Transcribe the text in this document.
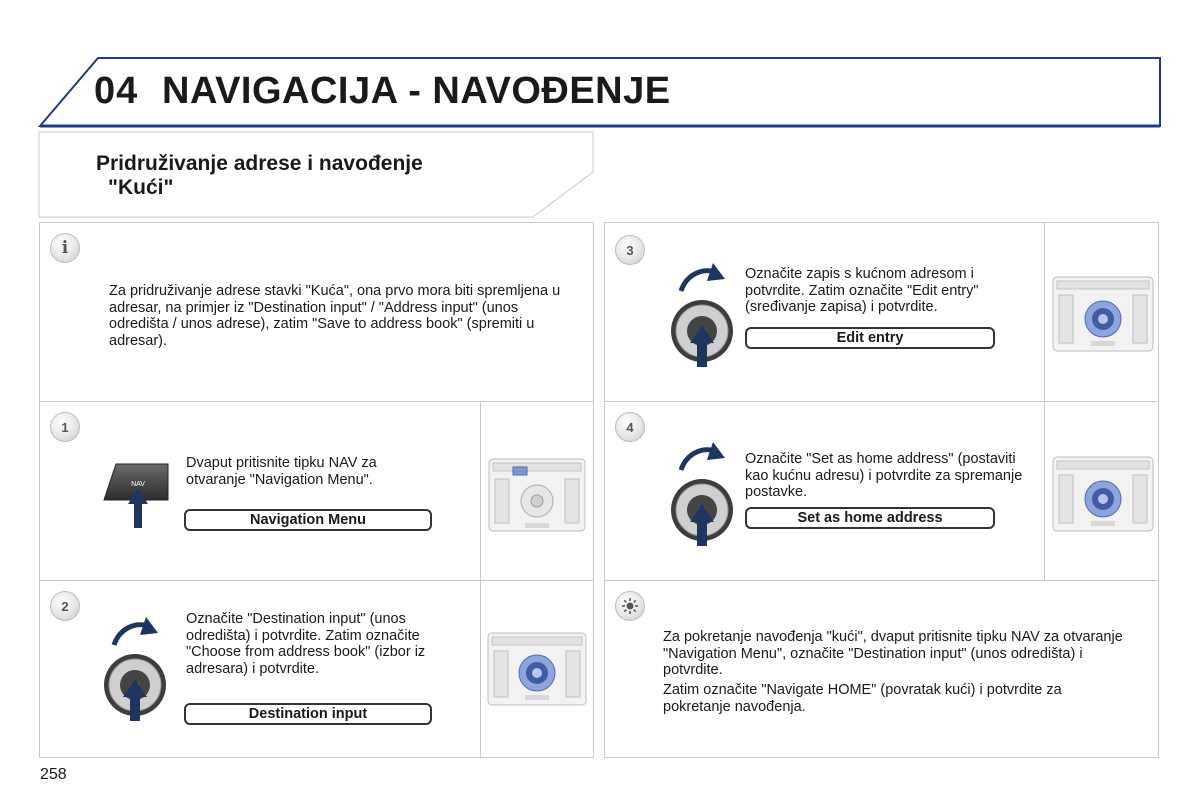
04 NAVIGACIJA - NAVOĐENJE
Pridruživanje adrese i navođenje
"Kući"
i
Za pridruživanje adrese stavki "Kuća", ona prvo mora biti spremljena u adresar, na primjer iz "Destination input" / "Address input" (unos odredišta / unos adrese), zatim "Save to address book" (spremiti u adresar).
1
NAV
Dvaput pritisnite tipku NAV za otvaranje "Navigation Menu".
Navigation Menu
2
Označite "Destination input" (unos odredišta) i potvrdite. Zatim označite "Choose from address book" (izbor iz adresara) i potvrdite.
Destination input
3
Označite zapis s kućnom adresom i potvrdite. Zatim označite "Edit entry" (sređivanje zapisa) i potvrdite.
Edit entry
4
Označite "Set as home address" (postaviti kao kućnu adresu) i potvrdite za spremanje postavke.
Set as home address
Za pokretanje navođenja "kući", dvaput pritisnite tipku NAV za otvaranje "Navigation Menu", označite "Destination input" (unos odredišta) i potvrdite.
Zatim označite "Navigate HOME" (povratak kući) i potvrdite za pokretanje navođenja.
258
